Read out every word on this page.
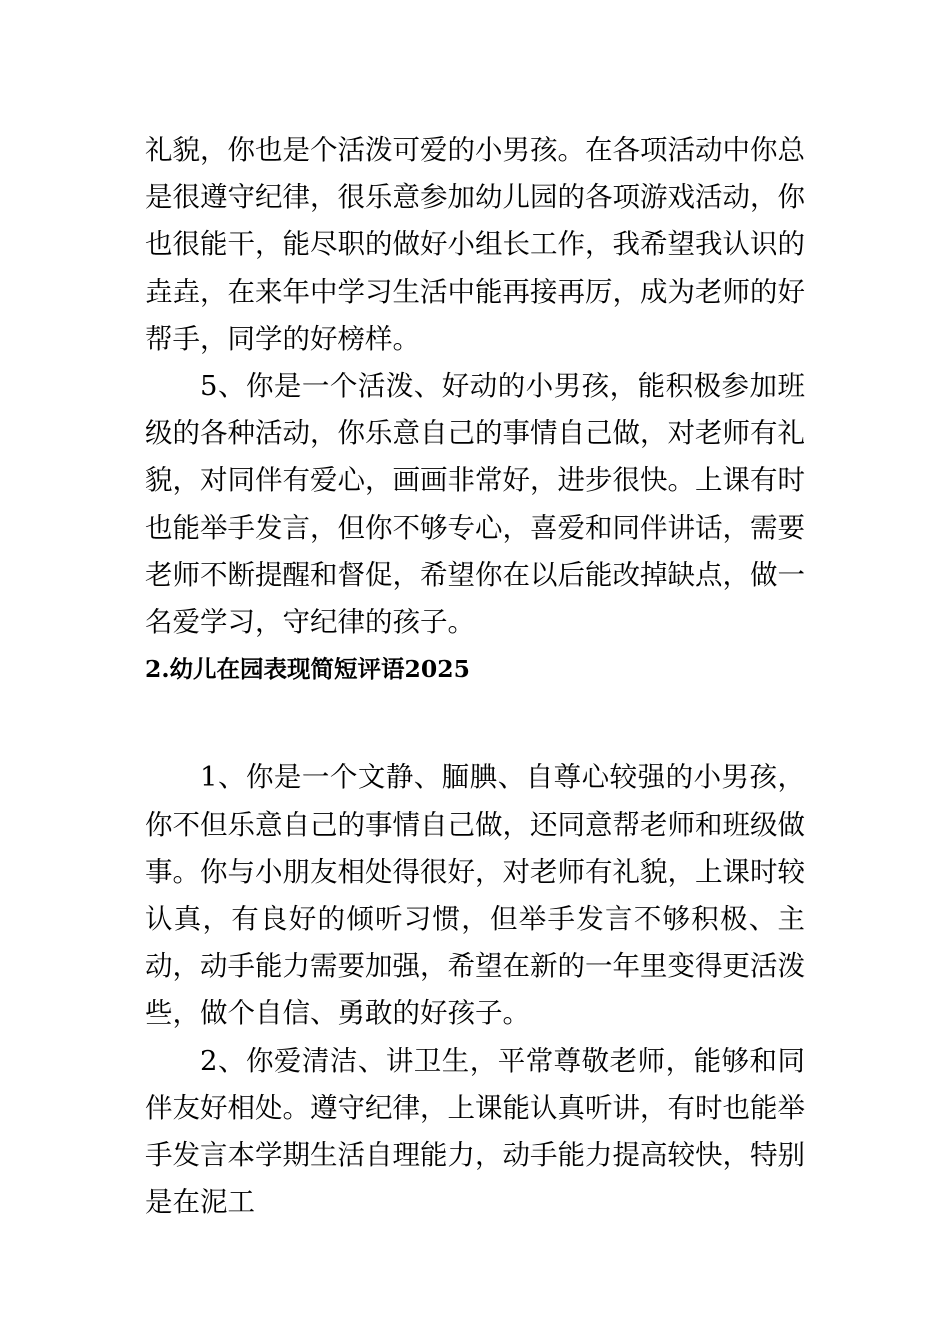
礼貌，你也是个活泼可爱的小男孩。在各项活动中你总是很遵守纪律，很乐意参加幼儿园的各项游戏活动，你也很能干，能尽职的做好小组长工作，我希望我认识的垚垚，在来年中学习生活中能再接再厉，成为老师的好帮手，同学的好榜样。

5、你是一个活泼、好动的小男孩，能积极参加班级的各种活动，你乐意自己的事情自己做，对老师有礼貌，对同伴有爱心，画画非常好，进步很快。上课有时也能举手发言，但你不够专心，喜爱和同伴讲话，需要老师不断提醒和督促，希望你在以后能改掉缺点，做一名爱学习，守纪律的孩子。

2.幼儿在园表现简短评语2025

1、你是一个文静、腼腆、自尊心较强的小男孩，你不但乐意自己的事情自己做，还同意帮老师和班级做事。你与小朋友相处得很好，对老师有礼貌，上课时较认真，有良好的倾听习惯，但举手发言不够积极、主动，动手能力需要加强，希望在新的一年里变得更活泼些，做个自信、勇敢的好孩子。

2、你爱清洁、讲卫生，平常尊敬老师，能够和同伴友好相处。遵守纪律，上课能认真听讲，有时也能举手发言本学期生活自理能力，动手能力提高较快，特别是在泥工
